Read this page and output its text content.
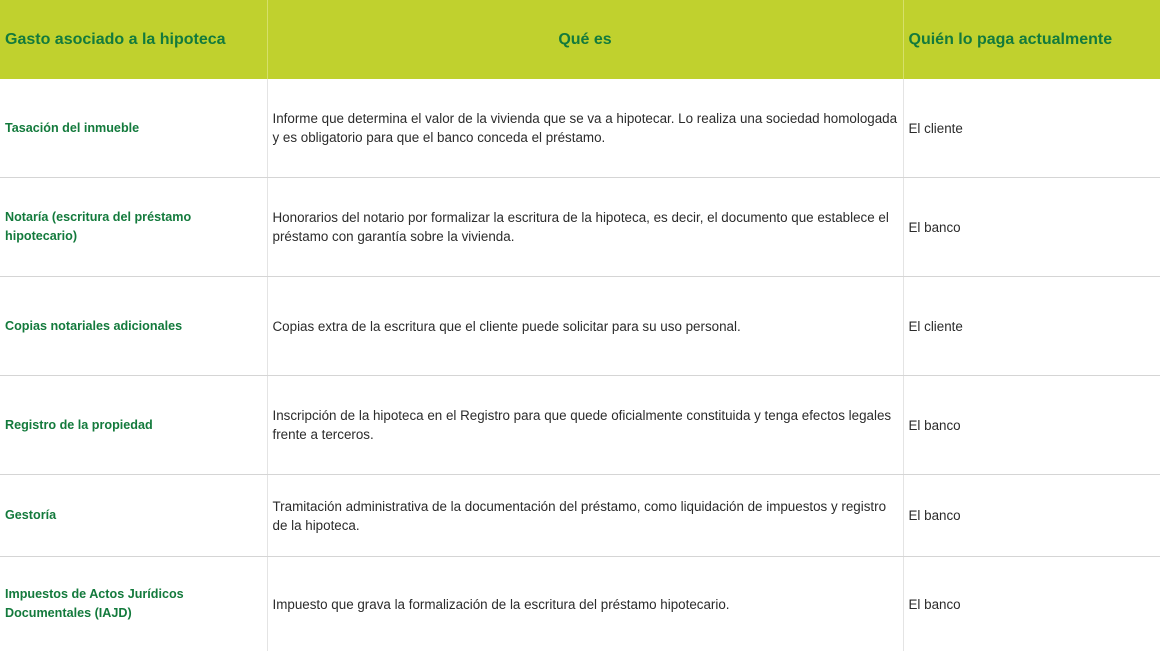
Gasto asociado a la hipoteca	Qué es	Quién lo paga actualmente
Tasación del inmueble	Informe que determina el valor de la vivienda que se va a hipotecar. Lo realiza una sociedad homologada y es obligatorio para que el banco conceda el préstamo.	El cliente
Notaría (escritura del préstamo hipotecario)	Honorarios del notario por formalizar la escritura de la hipoteca, es decir, el documento que establece el préstamo con garantía sobre la vivienda.	El banco
Copias notariales adicionales	Copias extra de la escritura que el cliente puede solicitar para su uso personal.	El cliente
Registro de la propiedad	Inscripción de la hipoteca en el Registro para que quede oficialmente constituida y tenga efectos legales frente a terceros.	El banco
Gestoría	Tramitación administrativa de la documentación del préstamo, como liquidación de impuestos y registro de la hipoteca.	El banco
Impuestos de Actos Jurídicos Documentales (IAJD)	Impuesto que grava la formalización de la escritura del préstamo hipotecario.	El banco
